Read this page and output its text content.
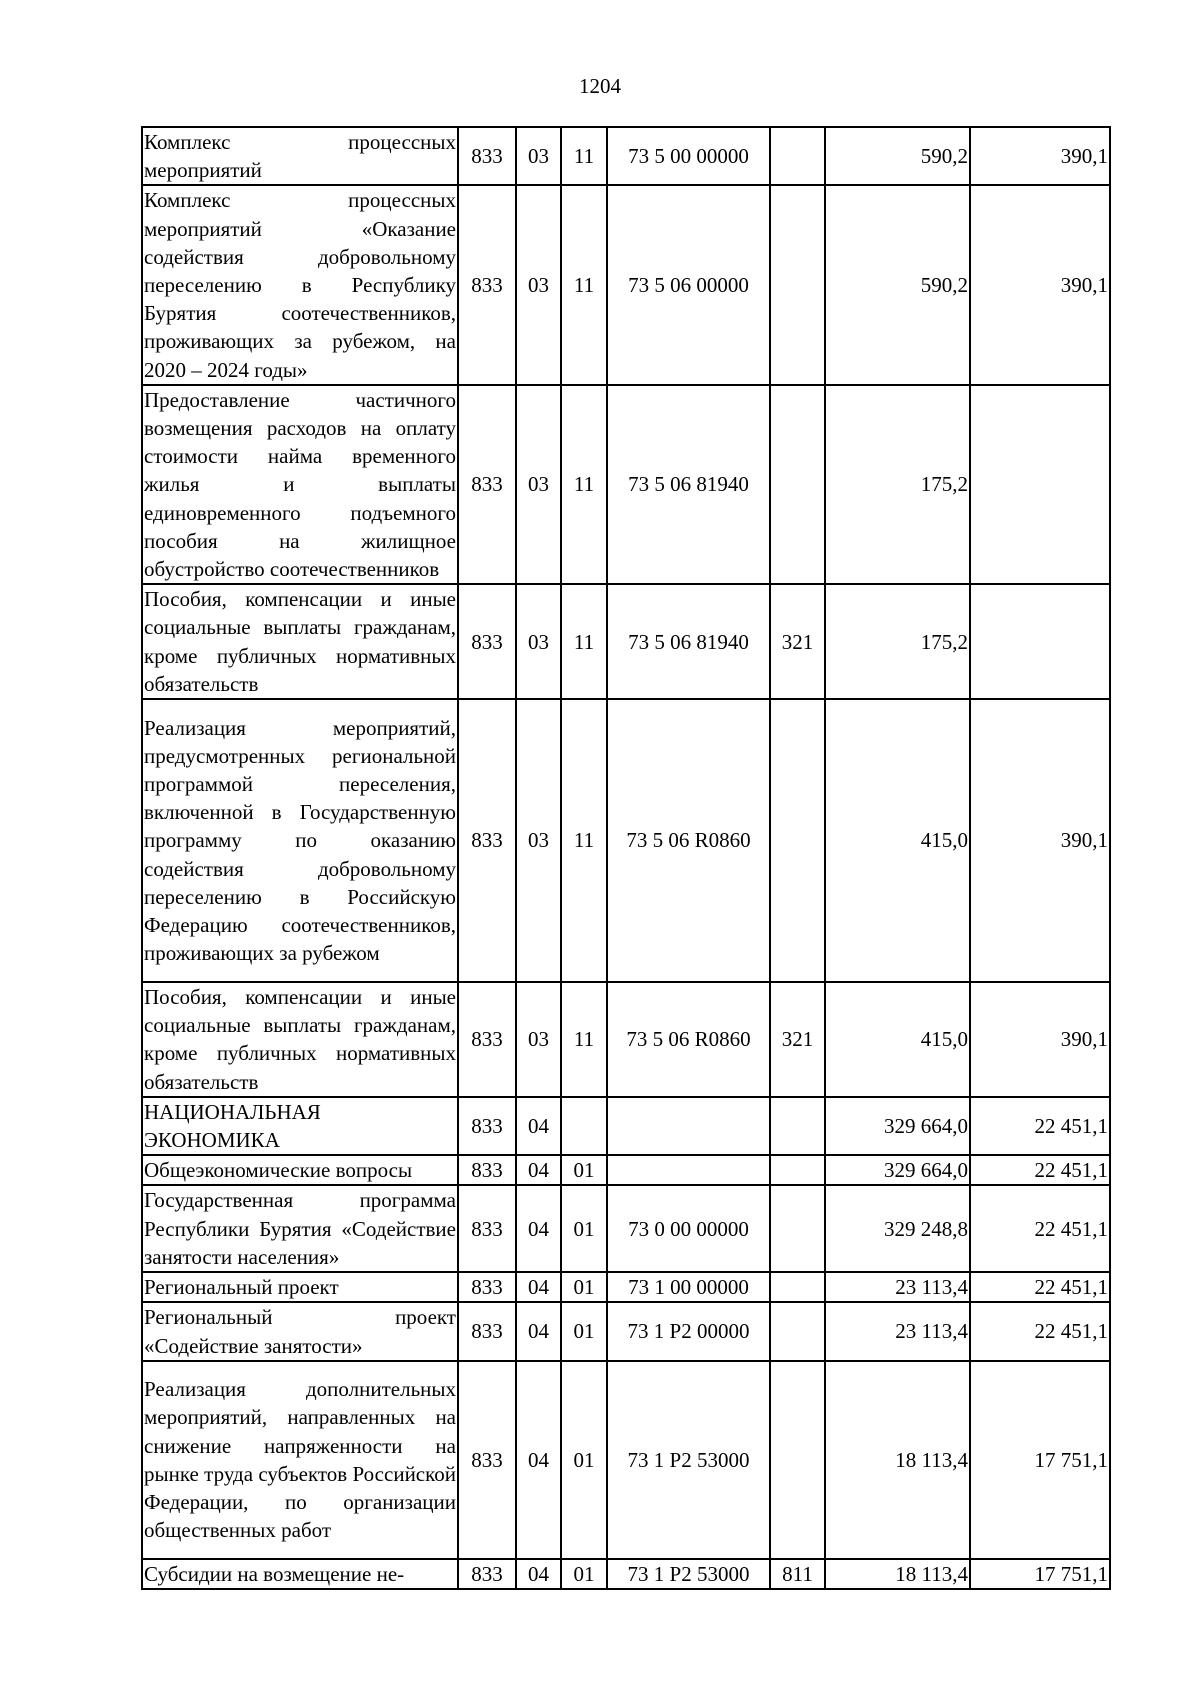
1204
Комплекс процессных мероприятий	833	03	11	73 5 00 00000		590,2	390,1
Комплекс процессных мероприятий «Оказание содействия добровольному переселению в Республику Бурятия соотечественников, проживающих за рубежом, на 2020 – 2024 годы»	833	03	11	73 5 06 00000		590,2	390,1
Предоставление частичного возмещения расходов на оплату стоимости найма временного жилья и выплаты единовременного подъемного пособия на жилищное обустройство соотечественников	833	03	11	73 5 06 81940		175,2	
Пособия, компенсации и иные социальные выплаты гражданам, кроме публичных нормативных обязательств	833	03	11	73 5 06 81940	321	175,2	
Реализация мероприятий, предусмотренных региональной программой переселения, включенной в Государственную программу по оказанию содействия добровольному переселению в Российскую Федерацию соотечественников, проживающих за рубежом	833	03	11	73 5 06 R0860		415,0	390,1
Пособия, компенсации и иные социальные выплаты гражданам, кроме публичных нормативных обязательств	833	03	11	73 5 06 R0860	321	415,0	390,1
НАЦИОНАЛЬНАЯ ЭКОНОМИКА	833	04				329 664,0	22 451,1
Общеэкономические вопросы	833	04	01			329 664,0	22 451,1
Государственная программа Республики Бурятия «Содействие занятости населения»	833	04	01	73 0 00 00000		329 248,8	22 451,1
Региональный проект	833	04	01	73 1 00 00000		23 113,4	22 451,1
Региональный проект «Содействие занятости»	833	04	01	73 1 P2 00000		23 113,4	22 451,1
Реализация дополнительных мероприятий, направленных на снижение напряженности на рынке труда субъектов Российской Федерации, по организации общественных работ	833	04	01	73 1 P2 53000		18 113,4	17 751,1
Субсидии на возмещение не-	833	04	01	73 1 P2 53000	811	18 113,4	17 751,1
